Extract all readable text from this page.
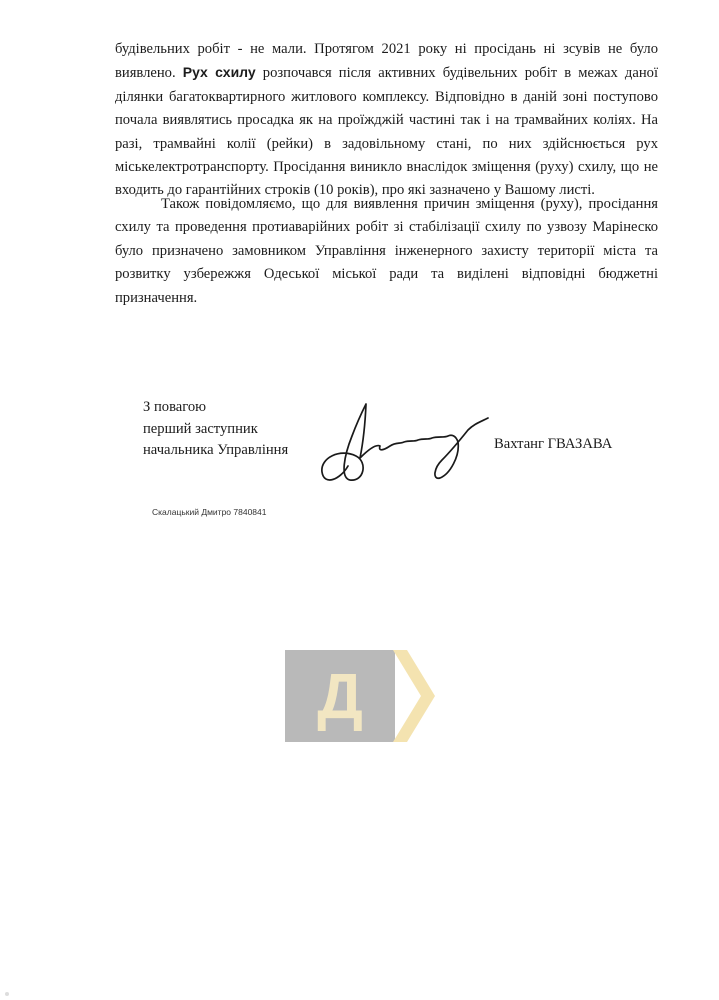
будівельних робіт - не мали. Протягом 2021 року ні просідань ні зсувів не було виявлено. Рух схилу розпочався після активних будівельних робіт в межах даної ділянки багатоквартирного житлового комплексу. Відповідно в даній зоні поступово почала виявлятись просадка як на проїжджій частині так і на трамвайних коліях. На разі, трамвайні колії (рейки) в задовільному стані, по них здійснюється рух міськелектротранспорту. Просідання виникло внаслідок зміщення (руху) схилу, що не входить до гарантійних строків (10 років), про які зазначено у Вашому листі.

Також повідомляємо, що для виявлення причин зміщення (руху), просідання схилу та проведення протиаварійних робіт зі стабілізації схилу по узвозу Марінеско було призначено замовником Управління інженерного захисту території міста та розвитку узбережжя Одеської міської ради та виділені відповідні бюджетні призначення.

З повагою
перший заступник
начальника Управління	Вахтанг ГВАЗАВА
Скалацький Дмитро 7840841
Д
